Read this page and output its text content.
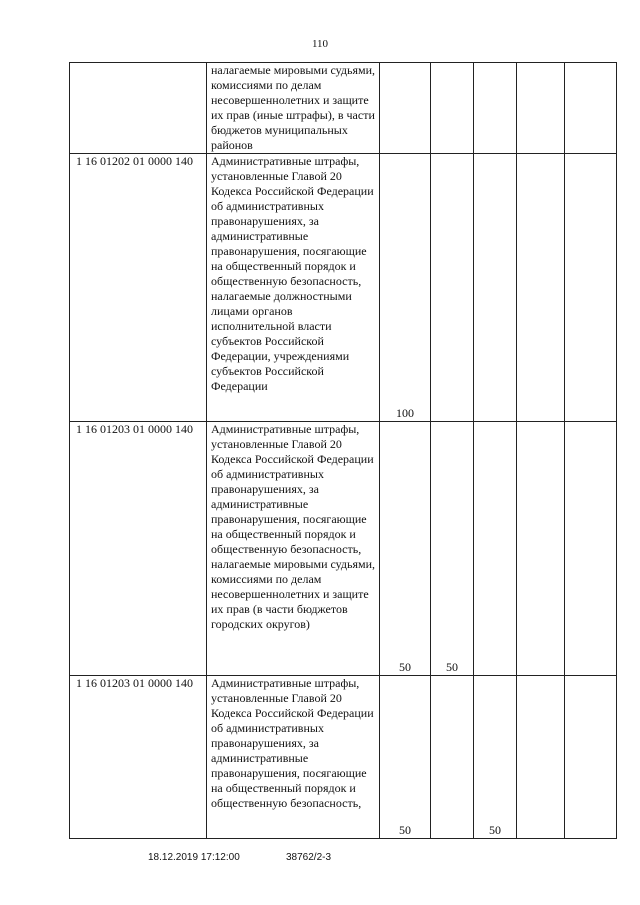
110
	налагаемые мировыми судьями, комиссиями по делам несовершеннолетних и защите их прав (иные штрафы), в части бюджетов муниципальных районов					
1 16 01202 01 0000 140	Административные штрафы, установленные Главой 20 Кодекса Российской Федерации об административных правонарушениях, за административные правонарушения, посягающие на общественный порядок и общественную безопасность, налагаемые должностными лицами органов исполнительной власти субъектов Российской Федерации, учреждениями субъектов Российской Федерации	100				
1 16 01203 01 0000 140	Административные штрафы, установленные Главой 20 Кодекса Российской Федерации об административных правонарушениях, за административные правонарушения, посягающие на общественный порядок и общественную безопасность, налагаемые мировыми судьями, комиссиями по делам несовершеннолетних и защите их прав (в части бюджетов городских округов)	50	50			
1 16 01203 01 0000 140	Административные штрафы, установленные Главой 20 Кодекса Российской Федерации об административных правонарушениях, за административные правонарушения, посягающие на общественный порядок и общественную безопасность,	50		50		
18.12.2019 17:12:00	38762/2-3
